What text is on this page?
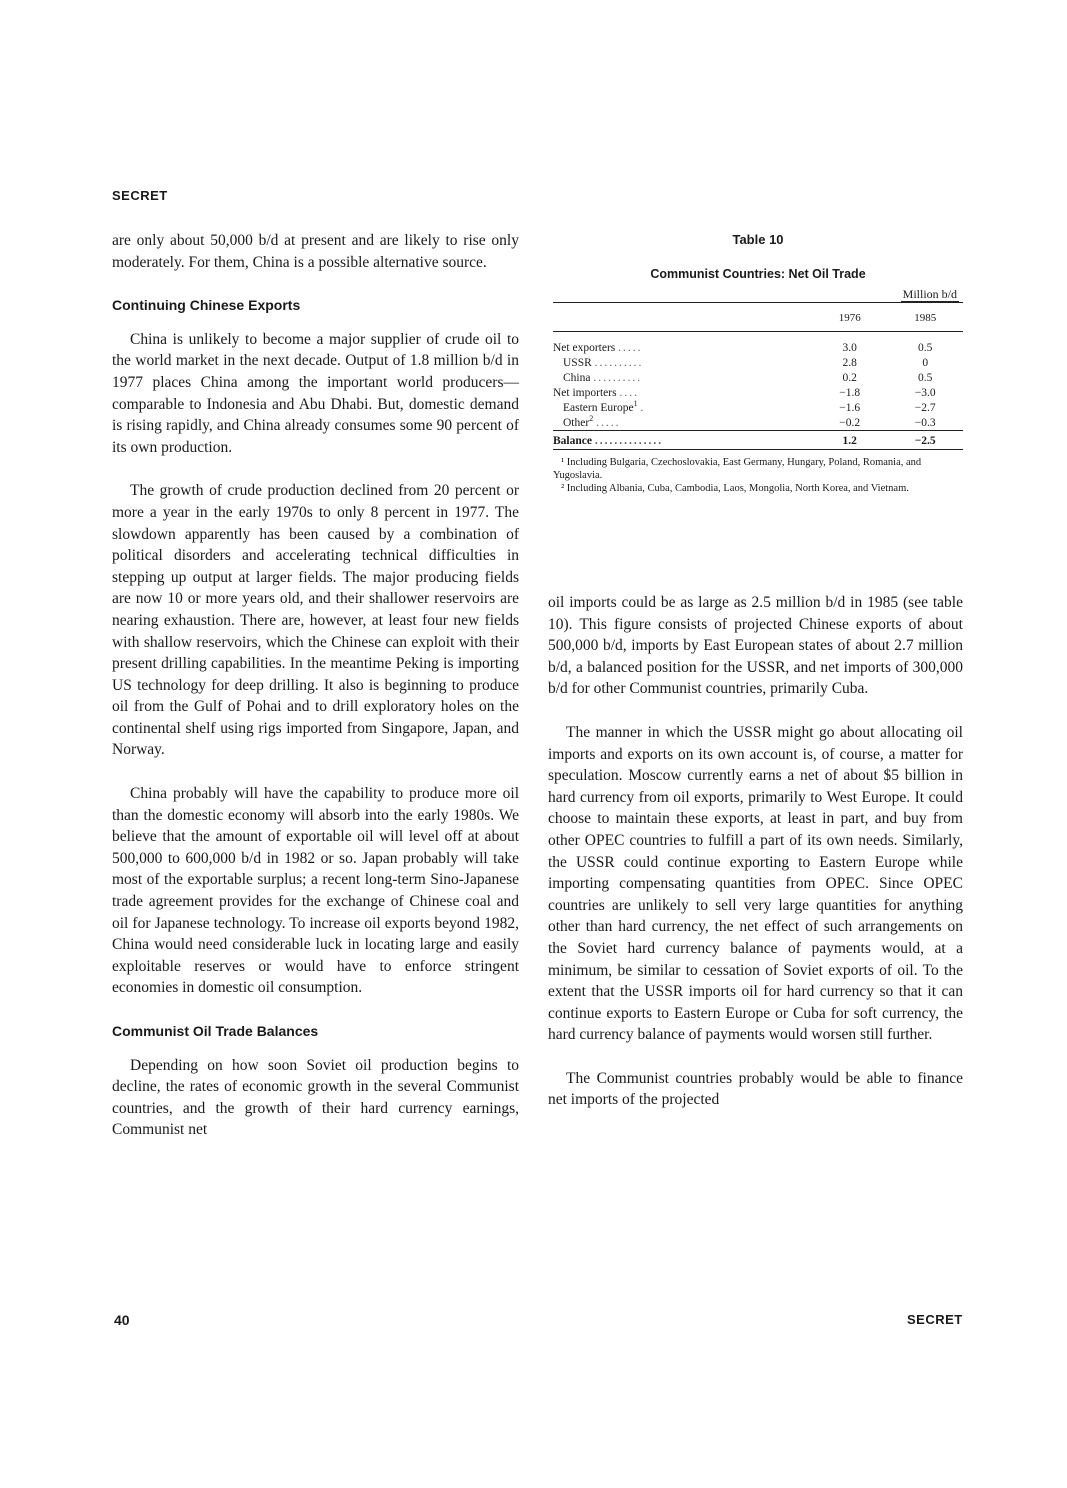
SECRET

are only about 50,000 b/d at present and are likely to rise only moderately. For them, China is a possible alternative source.

Continuing Chinese Exports

China is unlikely to become a major supplier of crude oil to the world market in the next decade. Output of 1.8 million b/d in 1977 places China among the important world producers—comparable to Indonesia and Abu Dhabi. But, domestic demand is rising rapidly, and China already consumes some 90 percent of its own production.

The growth of crude production declined from 20 percent or more a year in the early 1970s to only 8 percent in 1977. The slowdown apparently has been caused by a combination of political disorders and accelerating technical difficulties in stepping up output at larger fields. The major producing fields are now 10 or more years old, and their shallower reservoirs are nearing exhaustion. There are, however, at least four new fields with shallow reservoirs, which the Chinese can exploit with their present drilling capabilities. In the meantime Peking is importing US technology for deep drilling. It also is beginning to produce oil from the Gulf of Pohai and to drill exploratory holes on the continental shelf using rigs imported from Singapore, Japan, and Norway.

China probably will have the capability to produce more oil than the domestic economy will absorb into the early 1980s. We believe that the amount of exportable oil will level off at about 500,000 to 600,000 b/d in 1982 or so. Japan probably will take most of the exportable surplus; a recent long-term Sino-Japanese trade agreement provides for the exchange of Chinese coal and oil for Japanese technology. To increase oil exports beyond 1982, China would need considerable luck in locating large and easily exploitable reserves or would have to enforce stringent economies in domestic oil consumption.

Communist Oil Trade Balances

Depending on how soon Soviet oil production begins to decline, the rates of economic growth in the several Communist countries, and the growth of their hard currency earnings, Communist net

Table 10
Communist Countries: Net Oil Trade
	Million b/d	
	1976	1985
Net exporters .....	3.0	0.5
USSR ..........	2.8	0
China ..........	0.2	0.5
Net importers ....	−1.8	−3.0
Eastern Europe$^1$ .	−1.6	−2.7
Other$^2$ .....	−0.2	−0.3
Balance ..............	1.2	−2.5

¹ Including Bulgaria, Czechoslovakia, East Germany, Hungary, Poland, Romania, and Yugoslavia.

² Including Albania, Cuba, Cambodia, Laos, Mongolia, North Korea, and Vietnam.

oil imports could be as large as 2.5 million b/d in 1985 (see table 10). This figure consists of projected Chinese exports of about 500,000 b/d, imports by East European states of about 2.7 million b/d, a balanced position for the USSR, and net imports of 300,000 b/d for other Communist countries, primarily Cuba.

The manner in which the USSR might go about allocating oil imports and exports on its own account is, of course, a matter for speculation. Moscow currently earns a net of about $5 billion in hard currency from oil exports, primarily to West Europe. It could choose to maintain these exports, at least in part, and buy from other OPEC countries to fulfill a part of its own needs. Similarly, the USSR could continue exporting to Eastern Europe while importing compensating quantities from OPEC. Since OPEC countries are unlikely to sell very large quantities for anything other than hard currency, the net effect of such arrangements on the Soviet hard currency balance of payments would, at a minimum, be similar to cessation of Soviet exports of oil. To the extent that the USSR imports oil for hard currency so that it can continue exports to Eastern Europe or Cuba for soft currency, the hard currency balance of payments would worsen still further.

The Communist countries probably would be able to finance net imports of the projected

40	SECRET
